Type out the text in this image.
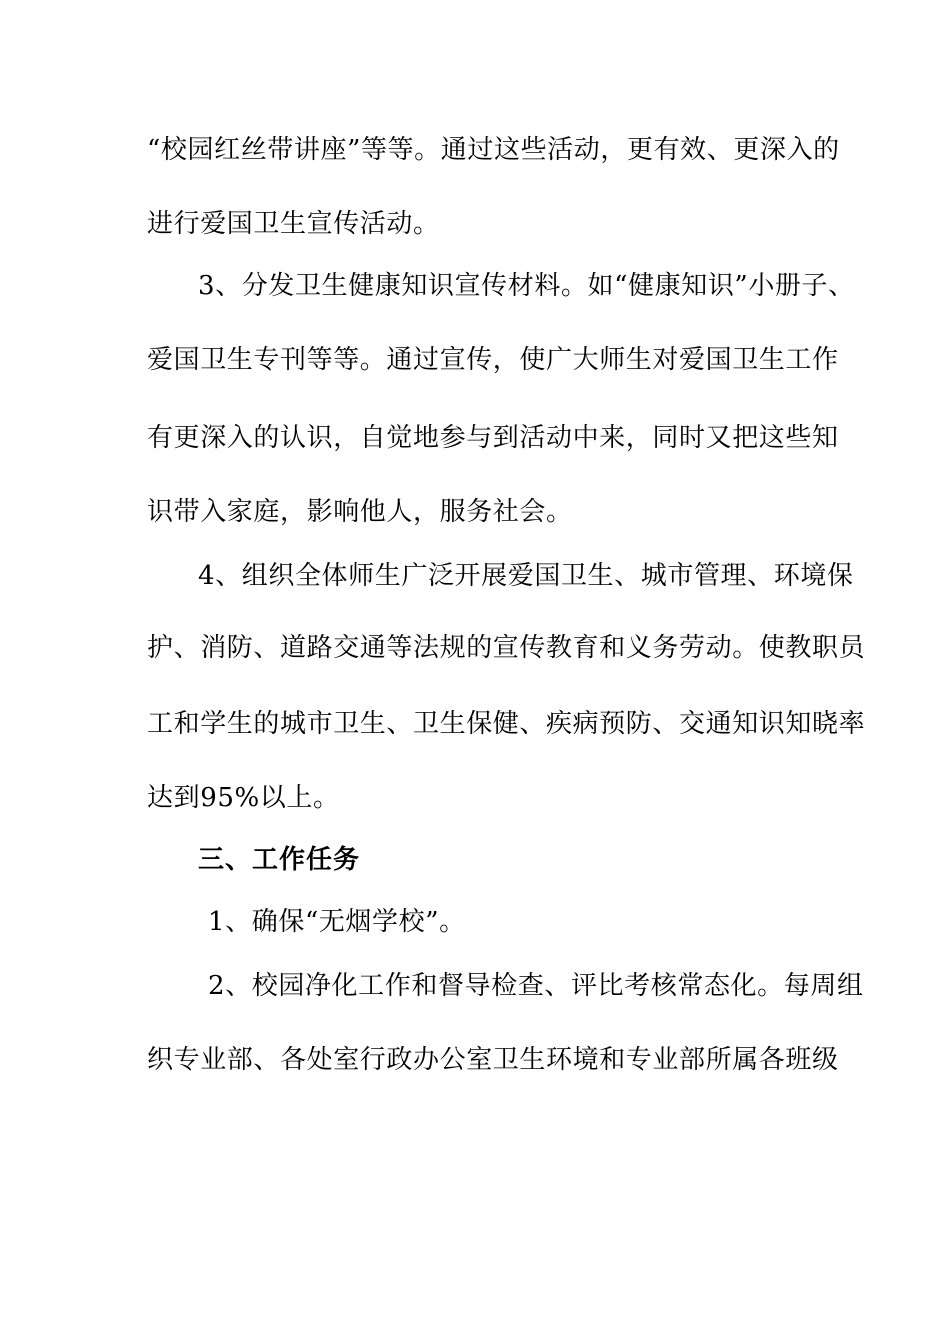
“校园红丝带讲座”等等。通过这些活动，更有效、更深入的
进行爱国卫生宣传活动。
3、分发卫生健康知识宣传材料。如“健康知识”小册子、
爱国卫生专刊等等。通过宣传，使广大师生对爱国卫生工作
有更深入的认识，自觉地参与到活动中来，同时又把这些知
识带入家庭，影响他人，服务社会。
4、组织全体师生广泛开展爱国卫生、城市管理、环境保
护、消防、道路交通等法规的宣传教育和义务劳动。使教职员
工和学生的城市卫生、卫生保健、疾病预防、交通知识知晓率
达到95%以上。
三、工作任务
1、确保“无烟学校”。
2、校园净化工作和督导检查、评比考核常态化。每周组
织专业部、各处室行政办公室卫生环境和专业部所属各班级
